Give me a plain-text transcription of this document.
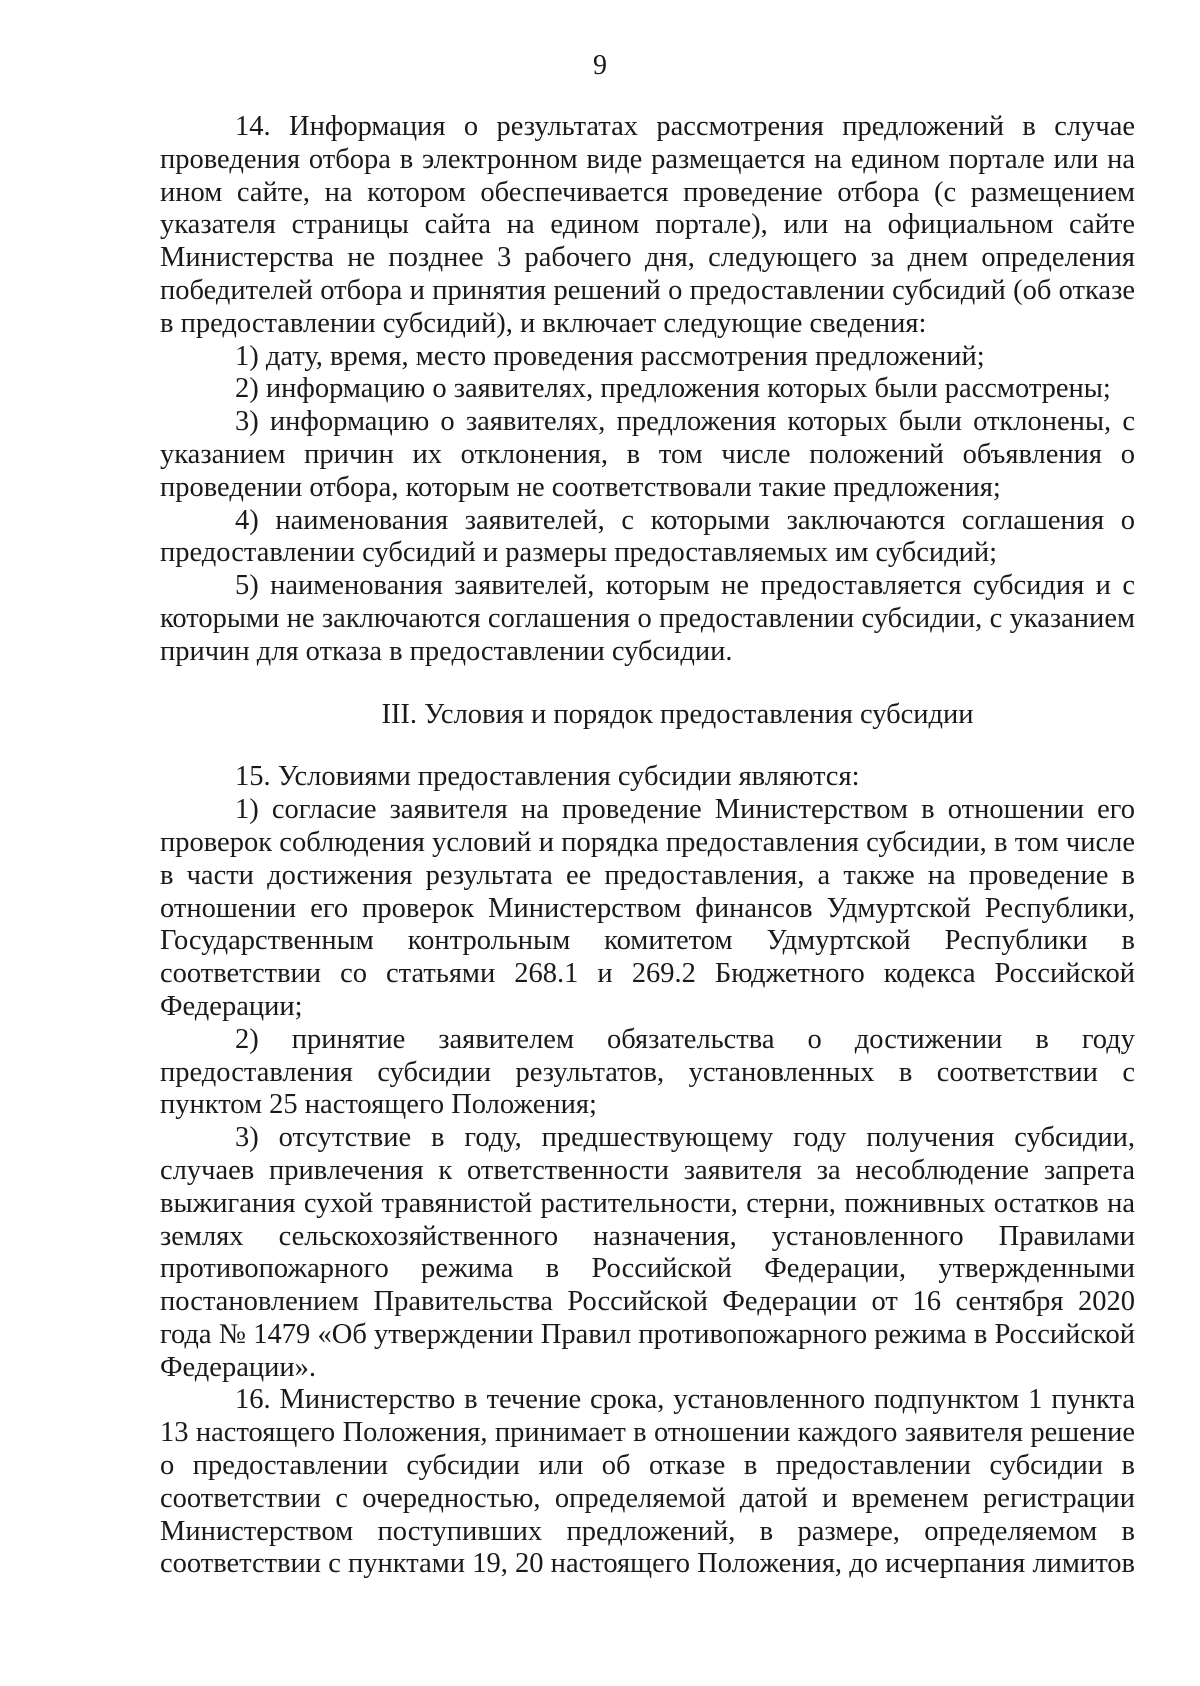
9

14. Информация о результатах рассмотрения предложений в случае проведения отбора в электронном виде размещается на едином портале или на ином сайте, на котором обеспечивается проведение отбора (с размещением указателя страницы сайта на едином портале), или на официальном сайте Министерства не позднее 3 рабочего дня, следующего за днем определения победителей отбора и принятия решений о предоставлении субсидий (об отказе в предоставлении субсидий), и включает следующие сведения:

1) дату, время, место проведения рассмотрения предложений;

2) информацию о заявителях, предложения которых были рассмотрены;

3) информацию о заявителях, предложения которых были отклонены, с указанием причин их отклонения, в том числе положений объявления о проведении отбора, которым не соответствовали такие предложения;

4) наименования заявителей, с которыми заключаются соглашения о предоставлении субсидий и размеры предоставляемых им субсидий;

5) наименования заявителей, которым не предоставляется субсидия и с которыми не заключаются соглашения о предоставлении субсидии, с указанием причин для отказа в предоставлении субсидии.

III. Условия и порядок предоставления субсидии

15. Условиями предоставления субсидии являются:

1) согласие заявителя на проведение Министерством в отношении его проверок соблюдения условий и порядка предоставления субсидии, в том числе в части достижения результата ее предоставления, а также на проведение в отношении его проверок Министерством финансов Удмуртской Республики, Государственным контрольным комитетом Удмуртской Республики в соответствии со статьями 268.1 и 269.2 Бюджетного кодекса Российской Федерации;

2) принятие заявителем обязательства о достижении в году предоставления субсидии результатов, установленных в соответствии с пунктом 25 настоящего Положения;

3) отсутствие в году, предшествующему году получения субсидии, случаев привлечения к ответственности заявителя за несоблюдение запрета выжигания сухой травянистой растительности, стерни, пожнивных остатков на землях сельскохозяйственного назначения, установленного Правилами противопожарного режима в Российской Федерации, утвержденными постановлением Правительства Российской Федерации от 16 сентября 2020 года № 1479 «Об утверждении Правил противопожарного режима в Российской Федерации».

16. Министерство в течение срока, установленного подпунктом 1 пункта 13 настоящего Положения, принимает в отношении каждого заявителя решение о предоставлении субсидии или об отказе в предоставлении субсидии в соответствии с очередностью, определяемой датой и временем регистрации Министерством поступивших предложений, в размере, определяемом в соответствии с пунктами 19, 20 настоящего Положения, до исчерпания лимитов
